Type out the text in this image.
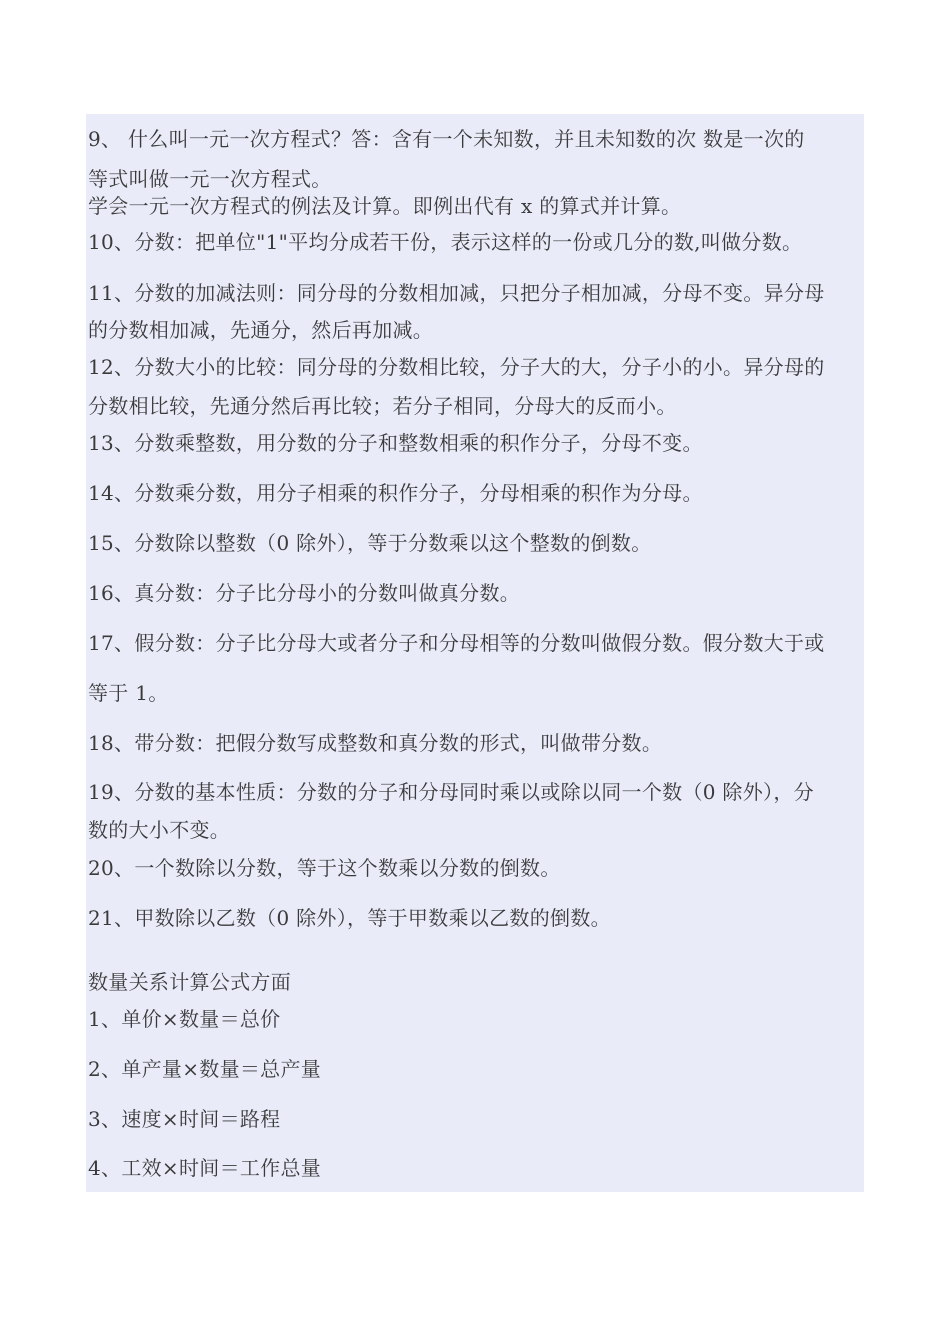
9、 什么叫一元一次方程式？答：含有一个未知数，并且未知数的次 数是一次的
等式叫做一元一次方程式。
学会一元一次方程式的例法及计算。即例出代有 x 的算式并计算。
10、分数：把单位"1"平均分成若干份，表示这样的一份或几分的数,叫做分数。
11、分数的加减法则：同分母的分数相加减，只把分子相加减，分母不变。异分母
的分数相加减，先通分，然后再加减。
12、分数大小的比较：同分母的分数相比较，分子大的大，分子小的小。异分母的
分数相比较，先通分然后再比较；若分子相同，分母大的反而小。
13、分数乘整数，用分数的分子和整数相乘的积作分子，分母不变。
14、分数乘分数，用分子相乘的积作分子，分母相乘的积作为分母。
15、分数除以整数（0 除外），等于分数乘以这个整数的倒数。
16、真分数：分子比分母小的分数叫做真分数。
17、假分数：分子比分母大或者分子和分母相等的分数叫做假分数。假分数大于或
等于 1。
18、带分数：把假分数写成整数和真分数的形式，叫做带分数。
19、分数的基本性质：分数的分子和分母同时乘以或除以同一个数（0 除外），分
数的大小不变。
20、一个数除以分数，等于这个数乘以分数的倒数。
21、甲数除以乙数（0 除外），等于甲数乘以乙数的倒数。
数量关系计算公式方面
1、单价×数量＝总价
2、单产量×数量＝总产量
3、速度×时间＝路程
4、工效×时间＝工作总量
